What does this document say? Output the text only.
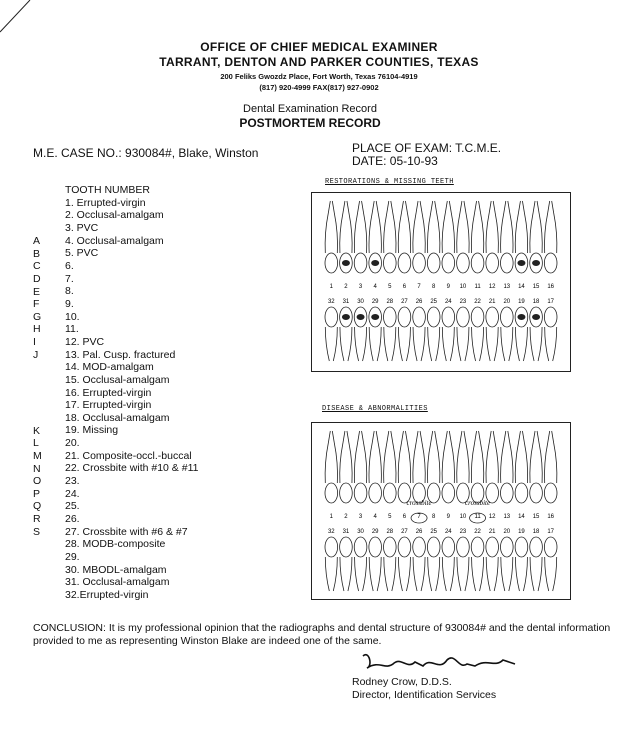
OFFICE OF CHIEF MEDICAL EXAMINER
TARRANT, DENTON AND PARKER COUNTIES, TEXAS
200 Feliks Gwozdz Place, Fort Worth, Texas 76104-4919
(817) 920-4999 FAX(817) 927-0902
Dental Examination Record
POSTMORTEM RECORD
M.E. CASE NO.: 930084#, Blake, Winston	PLACE OF EXAM: T.C.M.E.
DATE: 05-10-93
TOOTH NUMBER
1. Errupted-virgin
2. Occlusal-amalgam
3. PVC
4. Occlusal-amalgam
5. PVC
6.
7.
8.
9.
10.
11.
12. PVC
13. Pal. Cusp. fractured
14. MOD-amalgam
15. Occlusal-amalgam
16. Errupted-virgin
17. Errupted-virgin
18. Occlusal-amalgam
19. Missing
20.
21. Composite-occl.-buccal
22. Crossbite with #10 & #11
23.
24.
25.
26.
27. Crossbite with #6 & #7
28. MODB-composite
29.
30. MBODL-amalgam
31. Occlusal-amalgam
32.Errupted-virgin
A
B
C
D
E
F
G
H
I
J
K
L
M
N
O
P
Q
R
S
RESTORATIONS & MISSING TEETH
DISEASE & ABNORMALITIES
1 2 3 4 5 6 7 8 9 10 11 12 13 14 15 16
32 31 30 29 28 27 26 25 24 23 22 21 20 19 18 17
1 2 3 4 5 6 7 8 9 10 11 12 13 14 15 16
32 31 30 29 28 27 26 25 24 23 22 21 20 19 18 17
crossbite	crossbite
CONCLUSION: It is my professional opinion that the radiographs and dental structure of 930084# and the dental information provided to me as representing Winston Blake are indeed one of the same.
Rodney Crow, D.D.S.
Director, Identification Services
